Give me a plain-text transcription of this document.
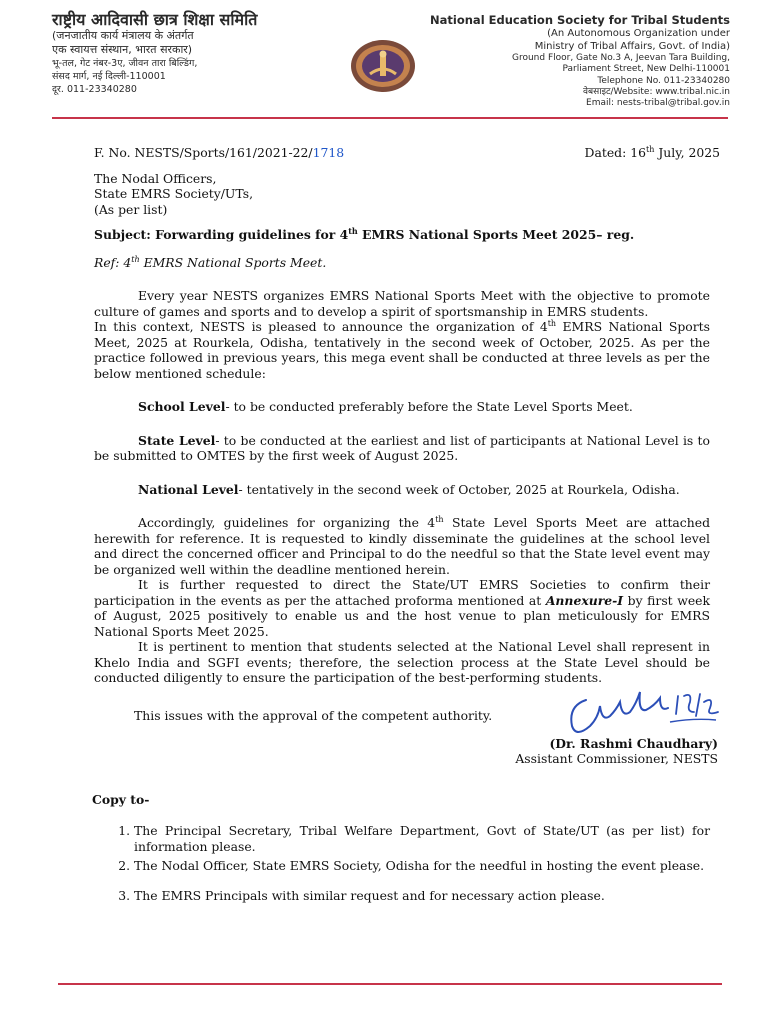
राष्ट्रीय आदिवासी छात्र शिक्षा समिति
(जनजातीय कार्य मंत्रालय के अंतर्गत
एक स्वायत्त संस्थान, भारत सरकार)
भू-तल, गेट नंबर-3ए, जीवन तारा बिल्डिंग,
संसद मार्ग, नई दिल्ली-110001
दूर. 011-23340280
National Education Society for Tribal Students
(An Autonomous Organization under
Ministry of Tribal Affairs, Govt. of India)
Ground Floor, Gate No.3 A, Jeevan Tara Building,
Parliament Street, New Delhi-110001
Telephone No. 011-23340280
वेबसाइट/Website: www.tribal.nic.in
Email: nests-tribal@tribal.gov.in
F. No. NESTS/Sports/161/2021-22/1718	Dated: 16th July, 2025

The Nodal Officers,

State EMRS Society/UTs,

(As per list)

Subject: Forwarding guidelines for 4th EMRS National Sports Meet 2025– reg.

Ref: 4th EMRS National Sports Meet.

Every year NESTS organizes EMRS National Sports Meet with the objective to promote culture of games and sports and to develop a spirit of sportsmanship in EMRS students.

In this context, NESTS is pleased to announce the organization of 4th EMRS National Sports Meet, 2025 at Rourkela, Odisha, tentatively in the second week of October, 2025. As per the practice followed in previous years, this mega event shall be conducted at three levels as per the below mentioned schedule:

School Level- to be conducted preferably before the State Level Sports Meet.

State Level- to be conducted at the earliest and list of participants at National Level is to be submitted to OMTES by the first week of August 2025.

National Level- tentatively in the second week of October, 2025 at Rourkela, Odisha.

Accordingly, guidelines for organizing the 4th State Level Sports Meet are attached herewith for reference. It is requested to kindly disseminate the guidelines at the school level and direct the concerned officer and Principal to do the needful so that the State level event may be organized well within the deadline mentioned herein.

It is further requested to direct the State/UT EMRS Societies to confirm their participation in the events as per the attached proforma mentioned at Annexure-I by first week of August, 2025 positively to enable us and the host venue to plan meticulously for EMRS National Sports Meet 2025.

It is pertinent to mention that students selected at the National Level shall represent in Khelo India and SGFI events; therefore, the selection process at the State Level should be conducted diligently to ensure the participation of the best-performing students.

This issues with the approval of the competent authority.

(Dr. Rashmi Chaudhary)
Assistant Commissioner, NESTS

Copy to-

1. The Principal Secretary, Tribal Welfare Department, Govt of State/UT (as per list) for information please.
2. The Nodal Officer, State EMRS Society, Odisha for the needful in hosting the event please.
3. The EMRS Principals with similar request and for necessary action please.
